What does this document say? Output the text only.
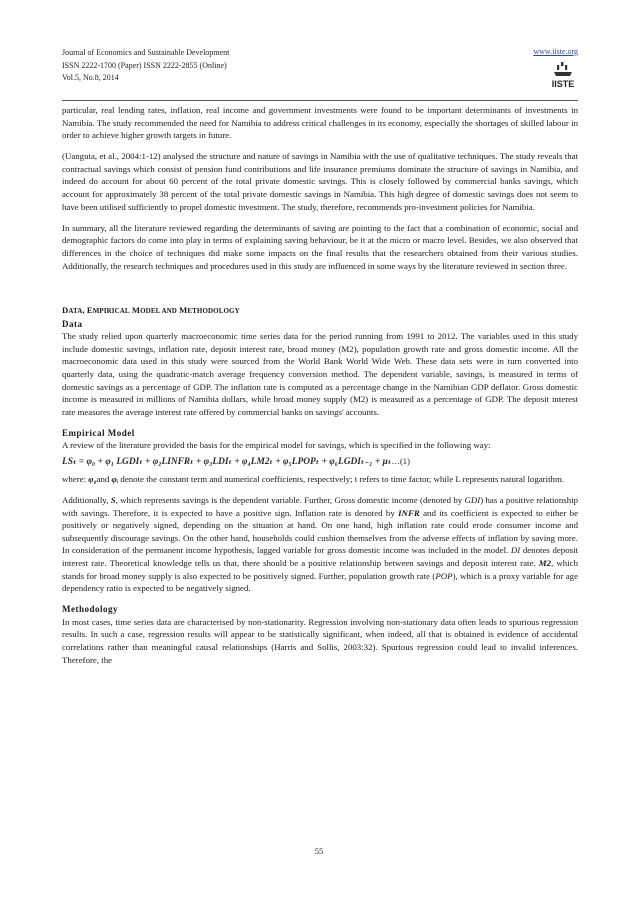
Journal of Economics and Sustainable Development
ISSN 2222-1700 (Paper) ISSN 2222-2855 (Online)
Vol.5, No.8, 2014
www.iiste.org
IISTE

particular, real lending rates, inflation, real income and government investments were found to be important determinants of investments in Namibia. The study recommended the need for Namibia to address critical challenges in its economy, especially the shortages of skilled labour in order to achieve higher growth targets in future.

(Uanguta, et al., 2004:1-12) analysed the structure and nature of savings in Namibia with the use of qualitative techniques. The study reveals that contractual savings which consist of pension fund contributions and life insurance premiums dominate the structure of savings in Namibia, and indeed do account for about 60 percent of the total private domestic savings. This is closely followed by commercial banks savings, which account for approximately 38 percent of the total private domestic savings in Namibia. This high degree of domestic savings does not seem to have been utilised sufficiently to propel domestic investment. The study, therefore, recommends pro-investment policies for Namibia.

In summary, all the literature reviewed regarding the determinants of saving are pointing to the fact that a combination of economic, social and demographic factors do come into play in terms of explaining saving behaviour, be it at the micro or macro level. Besides, we also observed that differences in the choice of techniques did make some impacts on the final results that the researchers obtained from their various studies. Additionally, the research techniques and procedures used in this study are influenced in some ways by the literature reviewed in section three.

DATA, EMPIRICAL MODEL AND METHODOLOGY
Data

The study relied upon quarterly macroeconomic time series data for the period running from 1991 to 2012. The variables used in this study include domestic savings, inflation rate, deposit interest rate, broad money (M2), population growth rate and gross domestic income. All the macroeconomic data used in this study were sourced from the World Bank World Wide Web. These data sets were in turn converted into quarterly data, using the quadratic-match average frequency conversion method. The dependent variable, savings, is measured in terms of domestic savings as a percentage of GDP. The inflation rate is computed as a percentage change in the Namibian GDP deflator. Gross domestic income is measured in millions of Namibia dollars, while broad money supply (M2) is measured as a percentage of GDP. The deposit interest rate measures the average interest rate offered by commercial banks on savings' accounts.

Empirical Model

A review of the literature provided the basis for the empirical model for savings, which is specified in the following way:

LSₜ = φ₀ + φ₁ LGDIₜ + φ₂LINFRₜ + φ₃LDIₜ + φ₄LM2ₜ + φ₅LPOPₜ + φ₆LGDIₜ₋₁ + μₜ…(1)

where: φ₀and φᵢ denote the constant term and numerical coefficients, respectively; t refers to time factor, while L represents natural logarithm.

Additionally, S, which represents savings is the dependent variable. Further, Gross domestic income (denoted by GDI) has a positive relationship with savings. Therefore, it is expected to have a positive sign. Inflation rate is denoted by INFR and its coefficient is expected to either be positively or negatively signed, depending on the situation at hand. On one hand, high inflation rate could erode consumer income and subsequently discourage savings. On the other hand, households could cushion themselves from the adverse effects of inflation by saving more. In consideration of the permanent income hypothesis, lagged variable for gross domestic income was included in the model. DI denotes deposit interest rate. Theoretical knowledge tells us that, there should be a positive relationship between savings and deposit interest rate. M2, which stands for broad money supply is also expected to be positively signed. Further, population growth rate (POP), which is a proxy variable for age dependency ratio is expected to be negatively signed.

Methodology

In most cases, time series data are characterised by non-stationarity. Regression involving non-stationary data often leads to spurious regression results. In such a case, regression results will appear to be statistically significant, when indeed, all that is obtained is evidence of accidental correlations rather than meaningful causal relationships (Harris and Sollis, 2003:32). Spurious regression could lead to invalid inferences. Therefore, the

55
